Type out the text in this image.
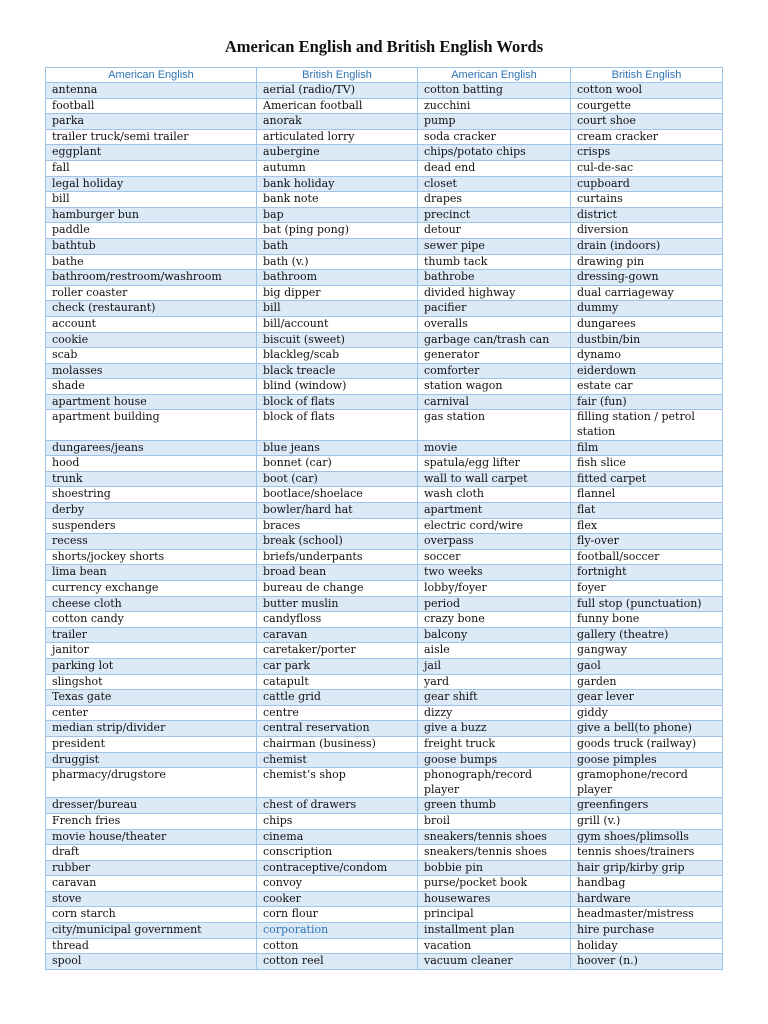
American English and British English Words
American English	British English	American English	British English
antenna	aerial (radio/TV)	cotton batting	cotton wool
football	American football	zucchini	courgette
parka	anorak	pump	court shoe
trailer truck/semi trailer	articulated lorry	soda cracker	cream cracker
eggplant	aubergine	chips/potato chips	crisps
fall	autumn	dead end	cul-de-sac
legal holiday	bank holiday	closet	cupboard
bill	bank note	drapes	curtains
hamburger bun	bap	precinct	district
paddle	bat (ping pong)	detour	diversion
bathtub	bath	sewer pipe	drain (indoors)
bathe	bath (v.)	thumb tack	drawing pin
bathroom/restroom/washroom	bathroom	bathrobe	dressing-gown
roller coaster	big dipper	divided highway	dual carriageway
check (restaurant)	bill	pacifier	dummy
account	bill/account	overalls	dungarees
cookie	biscuit (sweet)	garbage can/trash can	dustbin/bin
scab	blackleg/scab	generator	dynamo
molasses	black treacle	comforter	eiderdown
shade	blind (window)	station wagon	estate car
apartment house	block of flats	carnival	fair (fun)
apartment building	block of flats	gas station	filling station / petrol station
dungarees/jeans	blue jeans	movie	film
hood	bonnet (car)	spatula/egg lifter	fish slice
trunk	boot (car)	wall to wall carpet	fitted carpet
shoestring	bootlace/shoelace	wash cloth	flannel
derby	bowler/hard hat	apartment	flat
suspenders	braces	electric cord/wire	flex
recess	break (school)	overpass	fly-over
shorts/jockey shorts	briefs/underpants	soccer	football/soccer
lima bean	broad bean	two weeks	fortnight
currency exchange	bureau de change	lobby/foyer	foyer
cheese cloth	butter muslin	period	full stop (punctuation)
cotton candy	candyfloss	crazy bone	funny bone
trailer	caravan	balcony	gallery (theatre)
janitor	caretaker/porter	aisle	gangway
parking lot	car park	jail	gaol
slingshot	catapult	yard	garden
Texas gate	cattle grid	gear shift	gear lever
center	centre	dizzy	giddy
median strip/divider	central reservation	give a buzz	give a bell(to phone)
president	chairman (business)	freight truck	goods truck (railway)
druggist	chemist	goose bumps	goose pimples
pharmacy/drugstore	chemist’s shop	phonograph/record player	gramophone/record player
dresser/bureau	chest of drawers	green thumb	greenfingers
French fries	chips	broil	grill (v.)
movie house/theater	cinema	sneakers/tennis shoes	gym shoes/plimsolls
draft	conscription	sneakers/tennis shoes	tennis shoes/trainers
rubber	contraceptive/condom	bobbie pin	hair grip/kirby grip
caravan	convoy	purse/pocket book	handbag
stove	cooker	housewares	hardware
corn starch	corn flour	principal	headmaster/mistress
city/municipal government	corporation	installment plan	hire purchase
thread	cotton	vacation	holiday
spool	cotton reel	vacuum cleaner	hoover (n.)
